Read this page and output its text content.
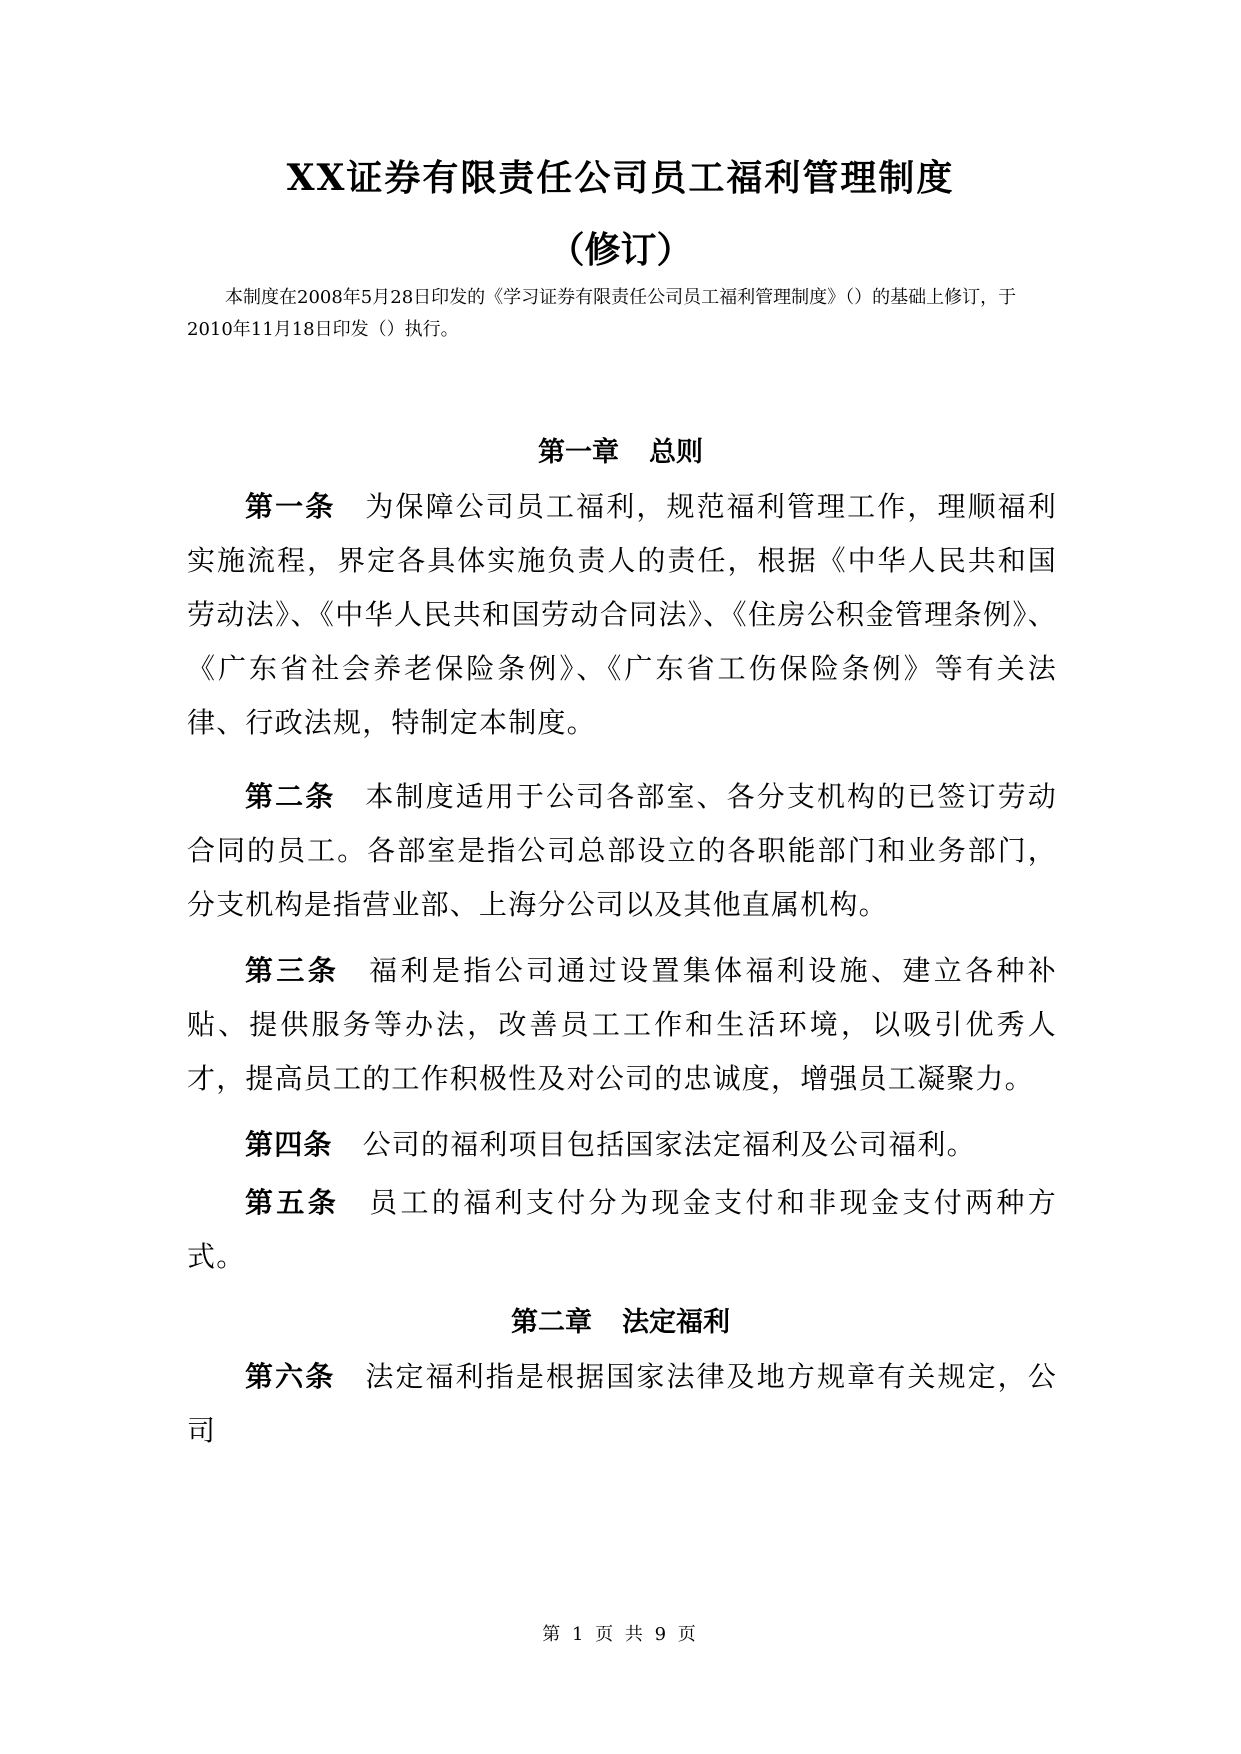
XX证券有限责任公司员工福利管理制度
（修订）

本制度在2008年5月28日印发的《学习证券有限责任公司员工福利管理制度》（）的基础上修订，于2010年11月18日印发（）执行。

第一章 总则

第一条 为保障公司员工福利，规范福利管理工作，理顺福利实施流程，界定各具体实施负责人的责任，根据《中华人民共和国劳动法》、《中华人民共和国劳动合同法》、《住房公积金管理条例》、《广东省社会养老保险条例》、《广东省工伤保险条例》等有关法律、行政法规，特制定本制度。

第二条 本制度适用于公司各部室、各分支机构的已签订劳动合同的员工。各部室是指公司总部设立的各职能部门和业务部门，分支机构是指营业部、上海分公司以及其他直属机构。

第三条 福利是指公司通过设置集体福利设施、建立各种补贴、提供服务等办法，改善员工工作和生活环境，以吸引优秀人才，提高员工的工作积极性及对公司的忠诚度，增强员工凝聚力。

第四条 公司的福利项目包括国家法定福利及公司福利。

第五条 员工的福利支付分为现金支付和非现金支付两种方式。

第二章 法定福利

第六条 法定福利指是根据国家法律及地方规章有关规定，公司

第 1 页 共 9 页
